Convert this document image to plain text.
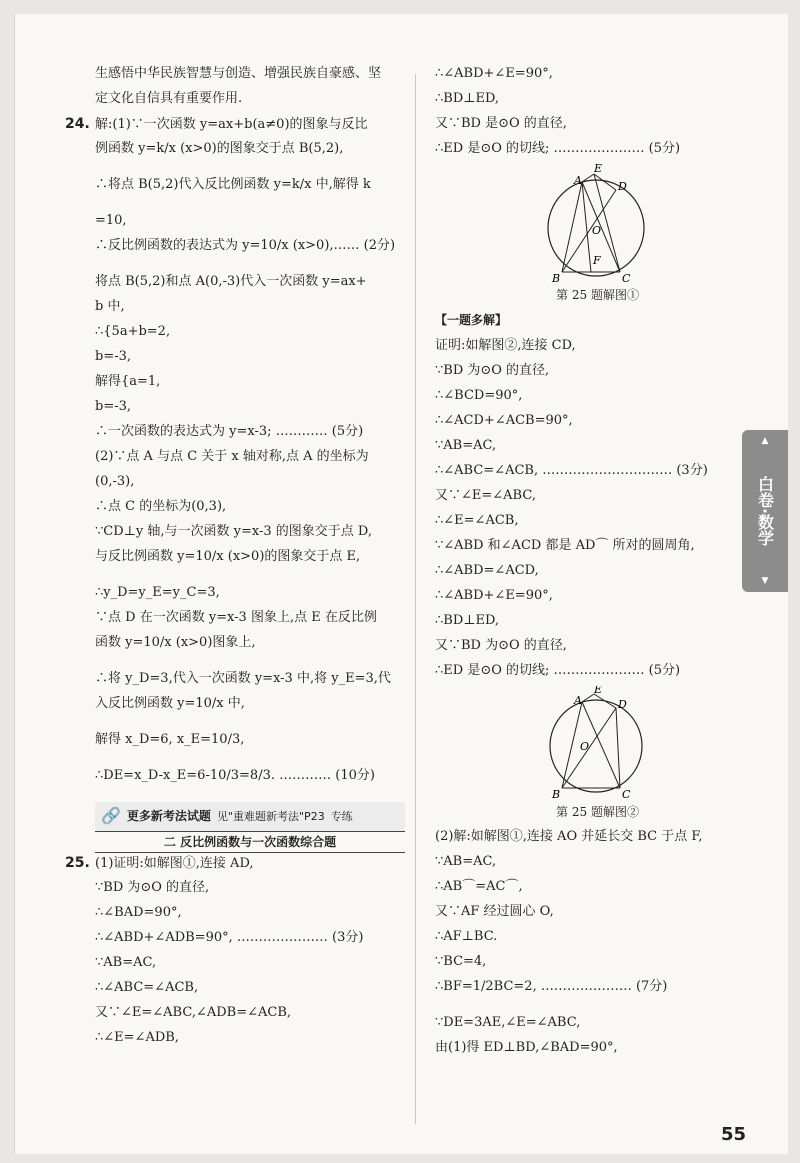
生感悟中华民族智慧与创造、增强民族自豪感、坚
定文化自信具有重要作用.
24. 解:(1)∵一次函数 y=ax+b(a≠0)的图象与反比
例函数 y=k/x (x>0)的图象交于点 B(5,2),
∴将点 B(5,2)代入反比例函数 y=k/x 中,解得 k
=10,
∴反比例函数的表达式为 y=10/x (x>0),…… (2分)
将点 B(5,2)和点 A(0,-3)代入一次函数 y=ax+
b 中,
∴{5a+b=2,
b=-3,
解得{a=1,
b=-3,
∴一次函数的表达式为 y=x-3; ………… (5分)
(2)∵点 A 与点 C 关于 x 轴对称,点 A 的坐标为
(0,-3),
∴点 C 的坐标为(0,3),
∵CD⊥y 轴,与一次函数 y=x-3 的图象交于点 D,
与反比例函数 y=10/x (x>0)的图象交于点 E,
∴y_D=y_E=y_C=3,
∵点 D 在一次函数 y=x-3 图象上,点 E 在反比例
函数 y=10/x (x>0)图象上,
∴将 y_D=3,代入一次函数 y=x-3 中,将 y_E=3,代
入反比例函数 y=10/x 中,
解得 x_D=6, x_E=10/3,
∴DE=x_D-x_E=6-10/3=8/3. ………… (10分)
🔗 更多新考法试题 见"重难题新考法"P23 专练
二 反比例函数与一次函数综合题
25. (1)证明:如解图①,连接 AD,
∵BD 为⊙O 的直径,
∴∠BAD=90°,
∴∠ABD+∠ADB=90°, ………………… (3分)
∵AB=AC,
∴∠ABC=∠ACB,
又∵∠E=∠ABC,∠ADB=∠ACB,
∴∠E=∠ADB,
∴∠ABD+∠E=90°,
∴BD⊥ED,
又∵BD 是⊙O 的直径,
∴ED 是⊙O 的切线; ………………… (5分)
A
E
D
O
F
B	C
第 25 题解图①
【一题多解】
证明:如解图②,连接 CD,
∵BD 为⊙O 的直径,
∴∠BCD=90°,
∴∠ACD+∠ACB=90°,
∵AB=AC,
∴∠ABC=∠ACB, ………………………… (3分)
又∵∠E=∠ABC,
∴∠E=∠ACB,
∵∠ABD 和∠ACD 都是 AD⌒ 所对的圆周角,
∴∠ABD=∠ACD,
∴∠ABD+∠E=90°,
∴BD⊥ED,
又∵BD 为⊙O 的直径,
∴ED 是⊙O 的切线; ………………… (5分)
A
E
D
O
B	C
第 25 题解图②
(2)解:如解图①,连接 AO 并延长交 BC 于点 F,
∵AB=AC,
∴AB⌒=AC⌒,
又∵AF 经过圆心 O,
∴AF⊥BC.
∵BC=4,
∴BF=1/2BC=2, ………………… (7分)
∵DE=3AE,∠E=∠ABC,
由(1)得 ED⊥BD,∠BAD=90°,
55
▲
白卷·数学
▼
